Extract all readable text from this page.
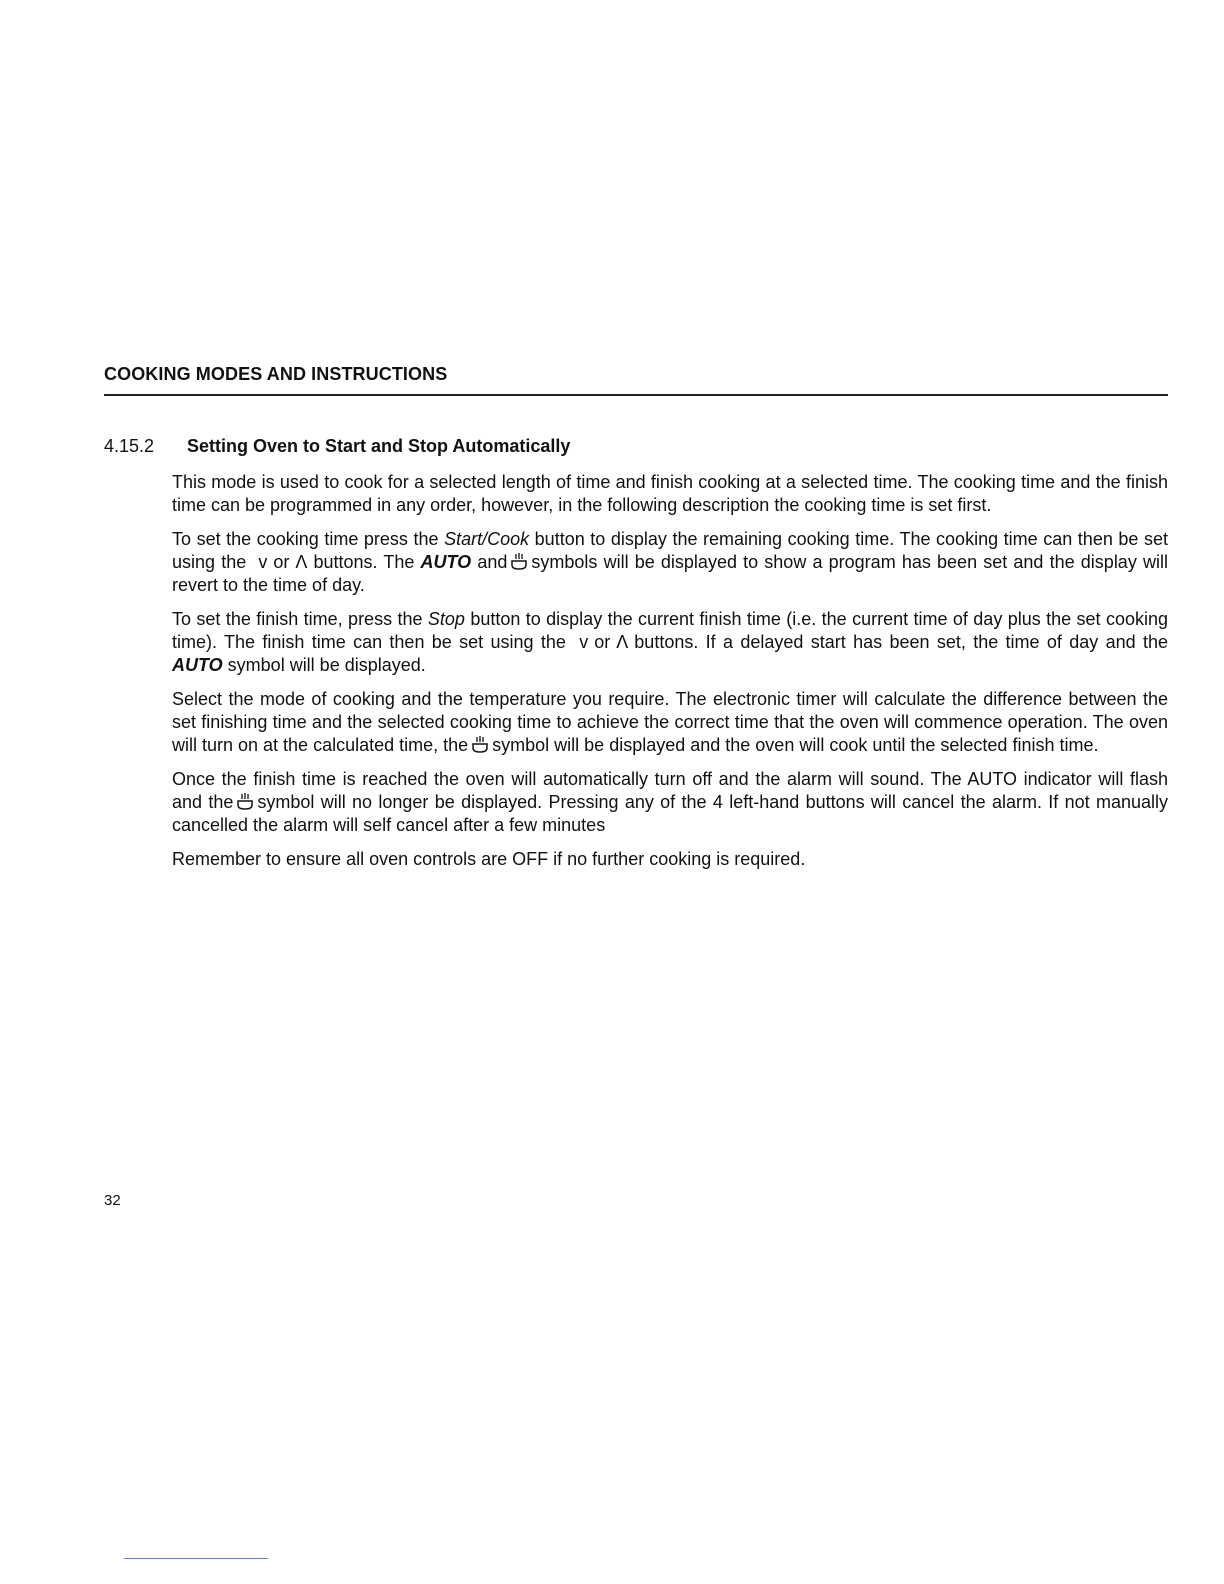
COOKING MODES AND INSTRUCTIONS
4.15.2 Setting Oven to Start and Stop Automatically

This mode is used to cook for a selected length of time and finish cooking at a selected time. The cooking time and the finish time can be programmed in any order, however, in the following description the cooking time is set first.

To set the cooking time press the Start/Cook button to display the remaining cooking time. The cooking time can then be set using the v or Λ buttons. The AUTO and symbols will be displayed to show a program has been set and the display will revert to the time of day.

To set the finish time, press the Stop button to display the current finish time (i.e. the current time of day plus the set cooking time). The finish time can then be set using the v or Λ buttons. If a delayed start has been set, the time of day and the AUTO symbol will be displayed.

Select the mode of cooking and the temperature you require. The electronic timer will calculate the difference between the set finishing time and the selected cooking time to achieve the correct time that the oven will commence operation. The oven will turn on at the calculated time, the symbol will be displayed and the oven will cook until the selected finish time.

Once the finish time is reached the oven will automatically turn off and the alarm will sound. The AUTO indicator will flash and the symbol will no longer be displayed. Pressing any of the 4 left-hand buttons will cancel the alarm. If not manually cancelled the alarm will self cancel after a few minutes

Remember to ensure all oven controls are OFF if no further cooking is required.

32
